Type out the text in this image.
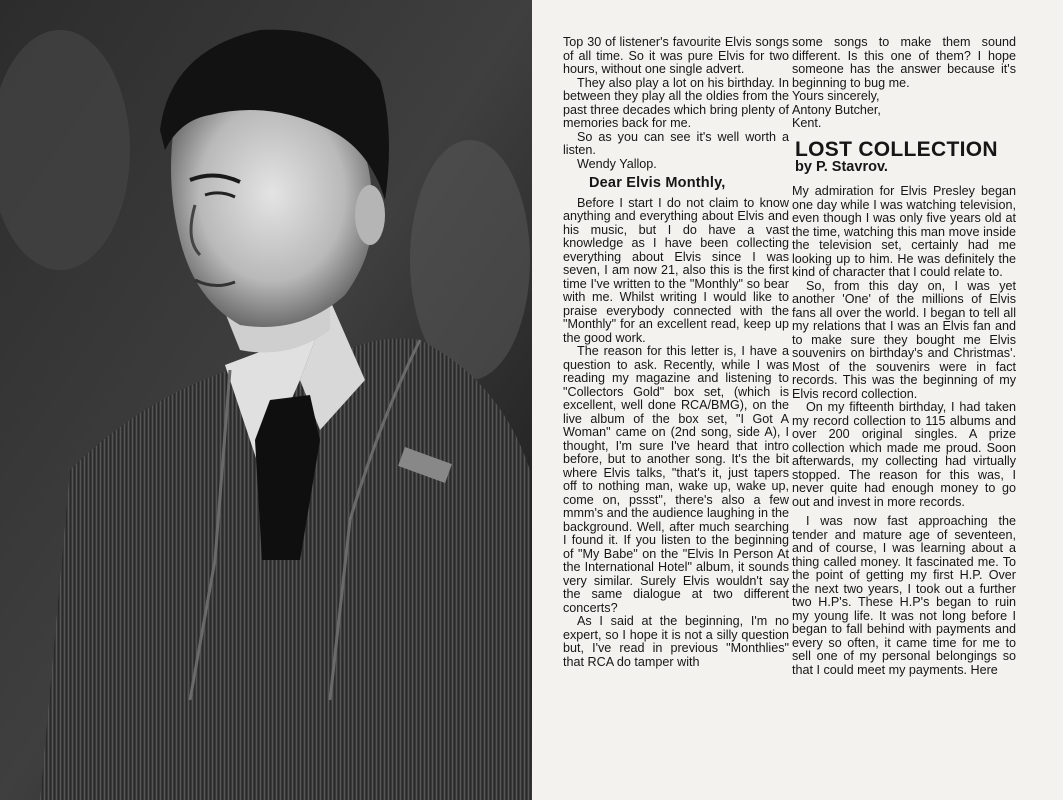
Top 30 of listener's favourite Elvis songs of all time. So it was pure Elvis for two hours, without one single advert.

They also play a lot on his birthday. In between they play all the oldies from the past three decades which bring plenty of memories back for me.

So as you can see it's well worth a listen.

Wendy Yallop.

Dear Elvis Monthly,

Before I start I do not claim to know anything and everything about Elvis and his music, but I do have a vast knowledge as I have been collecting everything about Elvis since I was seven, I am now 21, also this is the first time I've written to the "Monthly" so bear with me. Whilst writing I would like to praise everybody connected with the "Monthly" for an excellent read, keep up the good work.

The reason for this letter is, I have a question to ask. Recently, while I was reading my magazine and listening to "Collectors Gold" box set, (which is excellent, well done RCA/BMG), on the live album of the box set, "I Got A Woman" came on (2nd song, side A), I thought, I'm sure I've heard that intro before, but to another song. It's the bit where Elvis talks, "that's it, just tapers off to nothing man, wake up, wake up, come on, pssst", there's also a few mmm's and the audience laughing in the background. Well, after much searching I found it. If you listen to the beginning of "My Babe" on the "Elvis In Person At the International Hotel" album, it sounds very similar. Surely Elvis wouldn't say the same dialogue at two different concerts?

As I said at the beginning, I'm no expert, so I hope it is not a silly question but, I've read in previous "Monthlies" that RCA do tamper with

some songs to make them sound different. Is this one of them? I hope someone has the answer because it's beginning to bug me.

Yours sincerely,

Antony Butcher,

Kent.

LOST COLLECTION
by P. Stavrov.

My admiration for Elvis Presley began one day while I was watching television, even though I was only five years old at the time, watching this man move inside the television set, certainly had me looking up to him. He was definitely the kind of character that I could relate to.

So, from this day on, I was yet another 'One' of the millions of Elvis fans all over the world. I began to tell all my relations that I was an Elvis fan and to make sure they bought me Elvis souvenirs on birthday's and Christmas'. Most of the souvenirs were in fact records. This was the beginning of my Elvis record collection.

On my fifteenth birthday, I had taken my record collection to 115 albums and over 200 original singles. A prize collection which made me proud. Soon afterwards, my collecting had virtually stopped. The reason for this was, I never quite had enough money to go out and invest in more records.

I was now fast approaching the tender and mature age of seventeen, and of course, I was learning about a thing called money. It fascinated me. To the point of getting my first H.P. Over the next two years, I took out a further two H.P's. These H.P's began to ruin my young life. It was not long before I began to fall behind with payments and every so often, it came time for me to sell one of my personal belongings so that I could meet my payments. Here
